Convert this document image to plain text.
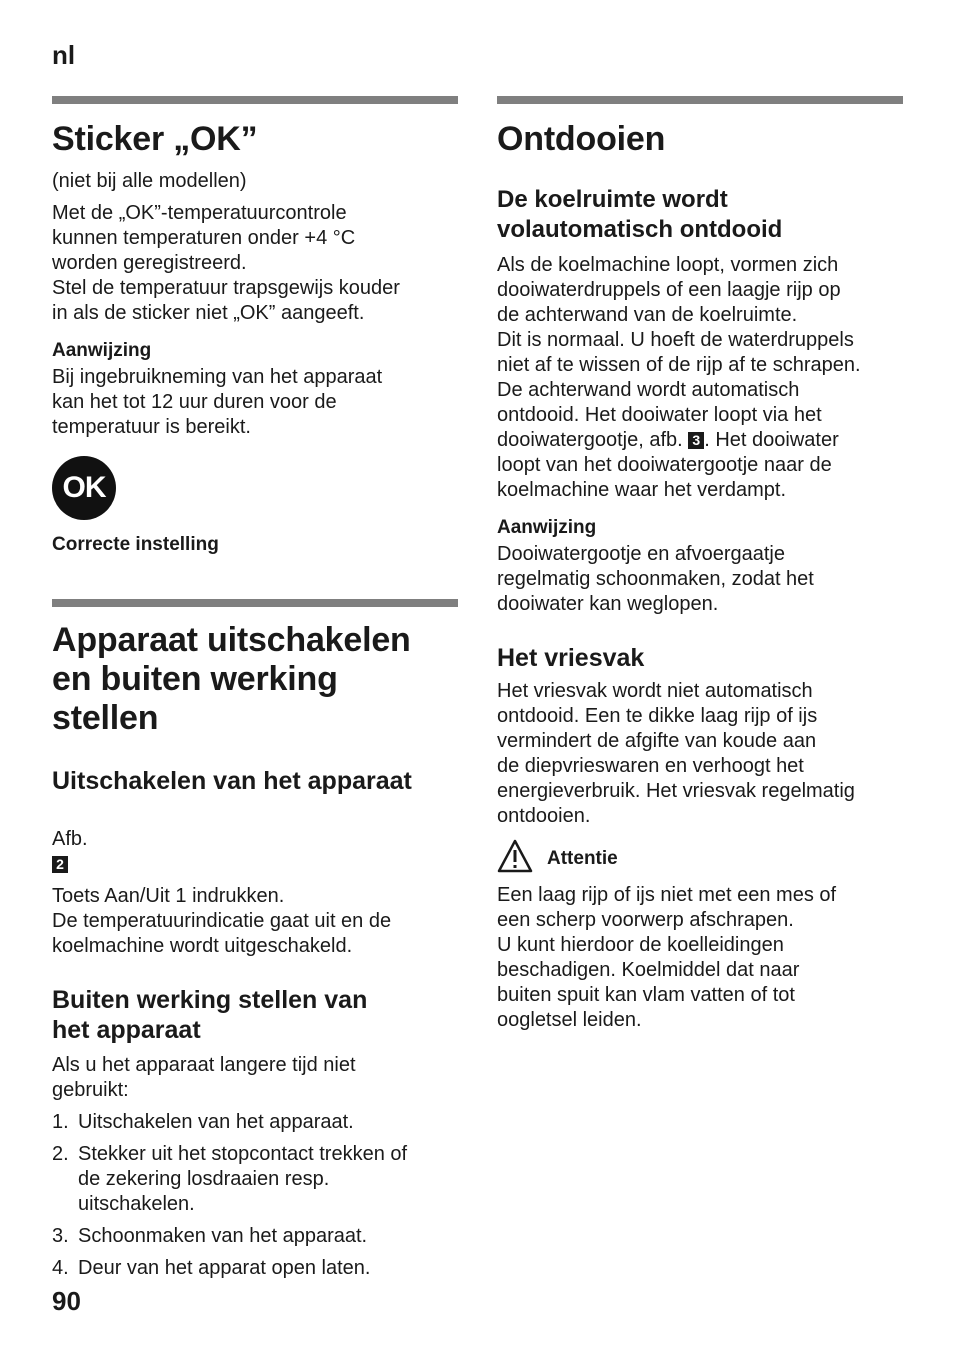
nl
Sticker „OK”

(niet bij alle modellen)

Met de „OK”-temperatuurcontrole
kunnen temperaturen onder +4 °C
worden geregistreerd.
Stel de temperatuur trapsgewijs kouder
in als de sticker niet „OK” aangeeft.

Aanwijzing

Bij ingebruikneming van het apparaat
kan het tot 12 uur duren voor de
temperatuur is bereikt.

OK
Correcte instelling
Apparaat uitschakelen
en buiten werking
stellen
Uitschakelen van het apparaat

Afb.
2

Toets Aan/Uit 1 indrukken.
De temperatuurindicatie gaat uit en de
koelmachine wordt uitgeschakeld.

Buiten werking stellen van
het apparaat

Als u het apparaat langere tijd niet
gebruikt:

1. Uitschakelen van het apparaat.
2. Stekker uit het stopcontact trekken of
de zekering losdraaien resp.
uitschakelen.
3. Schoonmaken van het apparaat.
4. Deur van het apparat open laten.
Ontdooien
De koelruimte wordt
volautomatisch ontdooid

Als de koelmachine loopt, vormen zich
dooiwaterdruppels of een laagje rijp op
de achterwand van de koelruimte.
Dit is normaal. U hoeft de waterdruppels
niet af te wissen of de rijp af te schrapen.
De achterwand wordt automatisch
ontdooid. Het dooiwater loopt via het
dooiwatergootje, afb. 3 . Het dooiwater
loopt van het dooiwatergootje naar de
koelmachine waar het verdampt.

Aanwijzing

Dooiwatergootje en afvoergaatje
regelmatig schoonmaken, zodat het
dooiwater kan weglopen.

Het vriesvak

Het vriesvak wordt niet automatisch
ontdooid. Een te dikke laag rijp of ijs
vermindert de afgifte van koude aan
de diepvrieswaren en verhoogt het
energieverbruik. Het vriesvak regelmatig
ontdooien.

Attentie

Een laag rijp of ijs niet met een mes of
een scherp voorwerp afschrapen.
U kunt hierdoor de koelleidingen
beschadigen. Koelmiddel dat naar
buiten spuit kan vlam vatten of tot
oogletsel leiden.

90
